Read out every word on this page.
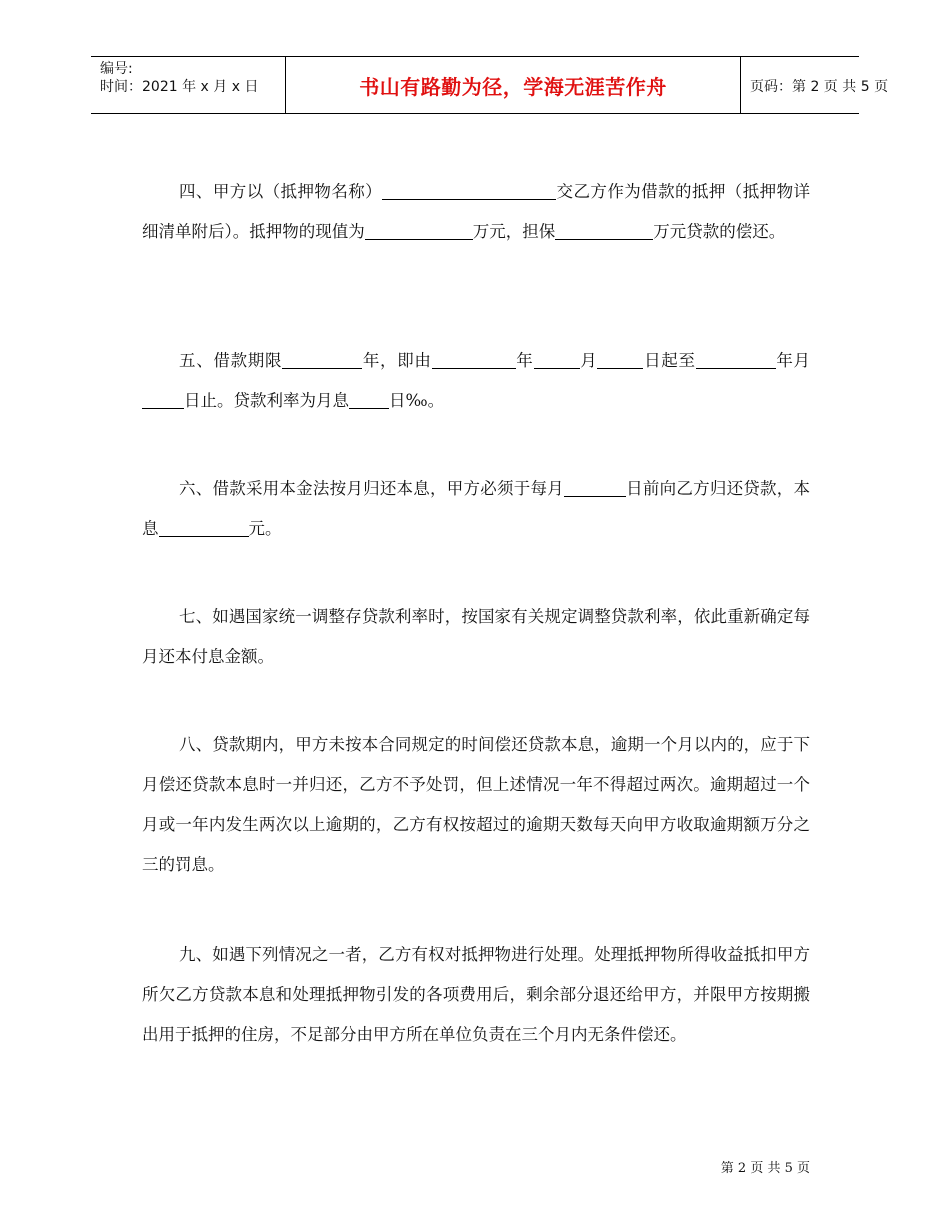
编号:
时间：2021 年 x 月 x 日	书山有路勤为径，学海无涯苦作舟	页码：第 2 页 共 5 页

四、甲方以（抵押物名称）	交乙方作为借款的抵押（抵押物详细清单附后）。抵押物的现值为	万元，担保	万元贷款的偿还。

五、借款期限	年，即由	年	月	日起至	年月日止。贷款利率为月息 日‰。

六、借款采用本金法按月归还本息，甲方必须于每月	日前向乙方归还贷款，本息	元。

七、如遇国家统一调整存贷款利率时，按国家有关规定调整贷款利率，依此重新确定每月还本付息金额。

八、贷款期内，甲方未按本合同规定的时间偿还贷款本息，逾期一个月以内的，应于下月偿还贷款本息时一并归还，乙方不予处罚，但上述情况一年不得超过两次。逾期超过一个月或一年内发生两次以上逾期的，乙方有权按超过的逾期天数每天向甲方收取逾期额万分之三的罚息。

九、如遇下列情况之一者，乙方有权对抵押物进行处理。处理抵押物所得收益抵扣甲方所欠乙方贷款本息和处理抵押物引发的各项费用后，剩余部分退还给甲方，并限甲方按期搬出用于抵押的住房，不足部分由甲方所在单位负责在三个月内无条件偿还。

第 2 页 共 5 页
